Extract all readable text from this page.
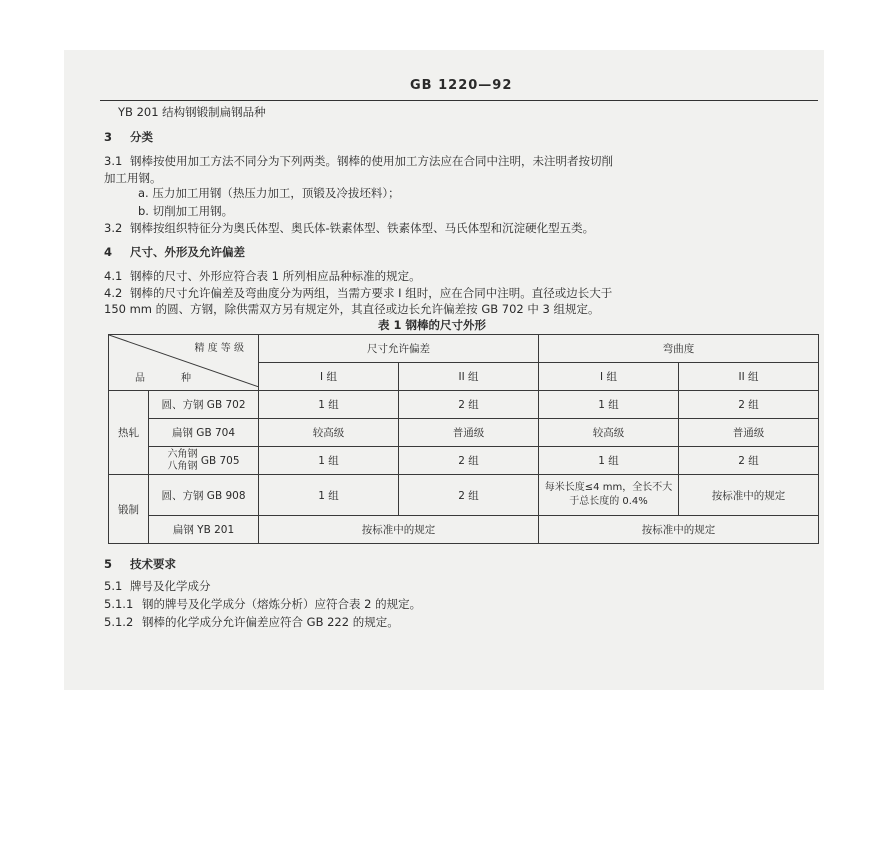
GB 1220—92
YB 201 结构钢锻制扁钢品种
3 分类
3.1 钢棒按使用加工方法不同分为下列两类。钢棒的使用加工方法应在合同中注明，未注明者按切削
加工用钢。
a. 压力加工用钢（热压力加工，顶锻及冷拔坯料）；
b. 切削加工用钢。
3.2 钢棒按组织特征分为奥氏体型、奥氏体-铁素体型、铁素体型、马氏体型和沉淀硬化型五类。
4 尺寸、外形及允许偏差
4.1 钢棒的尺寸、外形应符合表 1 所列相应品种标准的规定。
4.2 钢棒的尺寸允许偏差及弯曲度分为两组，当需方要求 I 组时，应在合同中注明。直径或边长大于
150 mm 的圆、方钢，除供需双方另有规定外，其直径或边长允许偏差按 GB 702 中 3 组规定。
表 1 钢棒的尺寸外形
精 度 等 级
品 种		尺寸允许偏差		弯曲度	
		I 组	II 组	I 组	II 组
热轧	圆、方钢 GB 702	1 组	2 组	1 组	2 组
	扁钢 GB 704	较高级	普通级	较高级	普通级
	六角钢
八角钢 GB 705	1 组	2 组	1 组	2 组
锻制	圆、方钢 GB 908	1 组	2 组	每米长度≤4 mm，全长不大于总长度的 0.4%	按标准中的规定
	扁钢 YB 201	按标准中的规定		按标准中的规定	
5 技术要求
5.1 牌号及化学成分
5.1.1 钢的牌号及化学成分（熔炼分析）应符合表 2 的规定。
5.1.2 钢棒的化学成分允许偏差应符合 GB 222 的规定。
